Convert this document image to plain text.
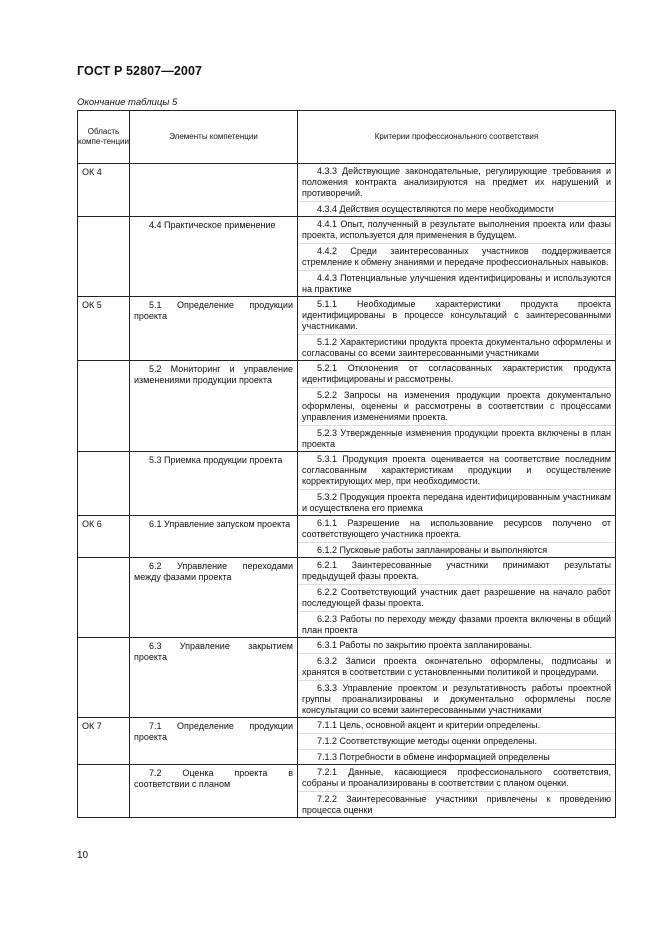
ГОСТ Р 52807—2007
Окончание таблицы 5
Область компе-тенции	Элементы компетенции	Критерии профессионального соответствия
ОК 4		4.3.3 Действующие законодательные, регулирующие требования и положения контракта анализируются на предмет их нарушений и противоречий.
4.3.4 Действия осуществляются по мере необходимости

	4.4 Практическое применение	4.4.1 Опыт, полученный в результате выполнения проекта или фазы проекта, используется для применения в будущем.
4.4.2 Среди заинтересованных участников поддерживается стремление к обмену знаниями и передаче профессиональных навыков.
4.4.3 Потенциальные улучшения идентифицированы и используются на практике

ОК 5	5.1 Определение продукции проекта	5.1.1 Необходимые характеристики продукта проекта идентифицированы в процессе консультаций с заинтересованными участниками.
5.1.2 Характеристики продукта проекта документально оформлены и согласованы со всеми заинтересованными участниками

	5.2 Мониторинг и управление изменениями продукции проекта	5.2.1 Отклонения от согласованных характеристик продукта идентифицированы и рассмотрены.
5.2.2 Запросы на изменения продукции проекта документально оформлены, оценены и рассмотрены в соответствии с процессами управления изменениями проекта.
5.2.3 Утвержденные изменения продукции проекта включены в план проекта

	5.3 Приемка продукции проекта	5.3.1 Продукция проекта оценивается на соответствие последним согласованным характеристикам продукции и осуществление корректирующих мер, при необходимости.
5.3.2 Продукция проекта передана идентифицированным участникам и осуществлена его приемка

ОК 6	6.1 Управление запуском проекта	6.1.1 Разрешение на использование ресурсов получено от соответствующего участника проекта.
6.1.2 Пусковые работы запланированы и выполняются

	6.2 Управление переходами между фазами проекта	6.2.1 Заинтересованные участники принимают результаты предыдущей фазы проекта.
6.2.2 Соответствующий участник дает разрешение на начало работ последующей фазы проекта.
6.2.3 Работы по переходу между фазами проекта включены в общий план проекта

	6.3 Управление закрытием проекта	6.3.1 Работы по закрытию проекта запланированы.
6.3.2 Записи проекта окончательно оформлены, подписаны и хранятся в соответствии с установленными политикой и процедурами.
6.3.3 Управление проектом и результативность работы проектной группы проанализированы и документально оформлены после консультации со всеми заинтересованными участниками

ОК 7	7.1 Определение продукции проекта	7.1.1 Цель, основной акцент и критерии определены.
7.1.2 Соответствующие методы оценки определены.
7.1.3 Потребности в обмене информацией определены

	7.2 Оценка проекта в соответствии с планом	7.2.1 Данные, касающиеся профессионального соответствия, собраны и проанализированы в соответствии с планом оценки.
7.2.2 Заинтересованные участники привлечены к проведению процесса оценки
10
